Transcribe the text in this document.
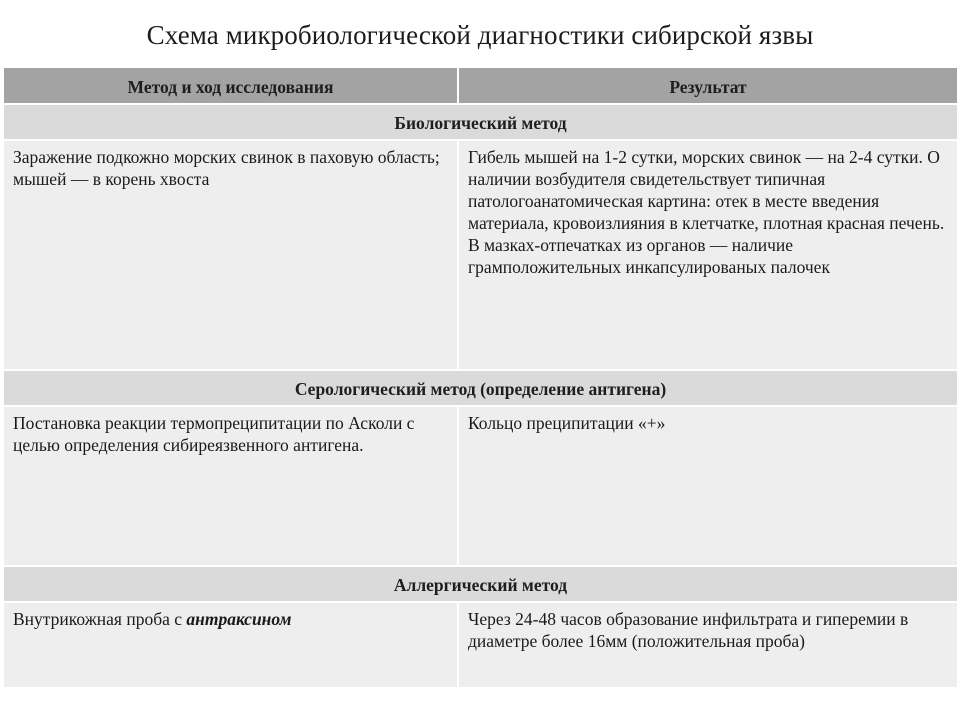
Схема микробиологической диагностики сибирской язвы
Метод и ход исследования	Результат
Биологический метод
Заражение подкожно морских свинок в паховую область; мышей — в корень хвоста
Гибель мышей на 1-2 сутки, морских свинок — на 2-4 сутки. О наличии возбудителя свидетельствует типичная патологоанатомическая картина: отек в месте введения материала, кровоизлияния в клетчатке, плотная красная печень. В мазках-отпечатках из органов — наличие грамположительных инкапсулированых палочек
Серологический метод (определение антигена)
Постановка реакции термопреципитации по Асколи с целью определения сибиреязвенного антигена.
Кольцо преципитации «+»
Аллергический метод
Внутрикожная проба с антраксином	Через 24-48 часов образование инфильтрата и гиперемии в диаметре более 16мм (положительная проба)
